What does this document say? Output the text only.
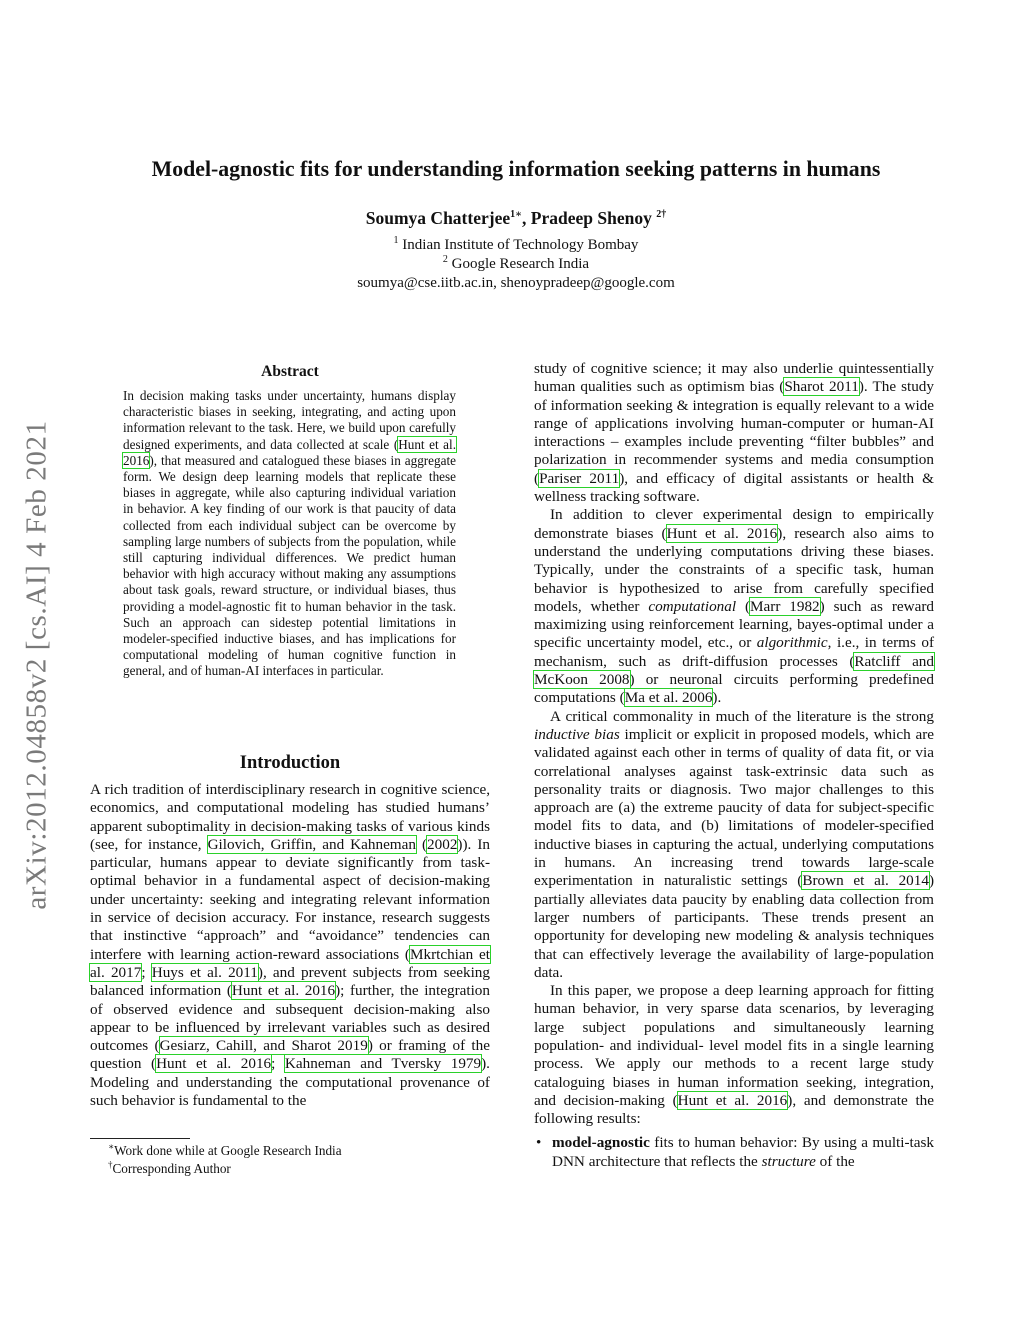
arXiv:2012.04858v2 [cs.AI] 4 Feb 2021
Model-agnostic fits for understanding information seeking patterns in humans
Soumya Chatterjee$^{1∗}$, Pradeep Shenoy $^{2\dagger}$
$^1$ Indian Institute of Technology Bombay
$^2$ Google Research India
soumya@cse.iitb.ac.in, shenoypradeep@google.com
Abstract
In decision making tasks under uncertainty, humans display characteristic biases in seeking, integrating, and acting upon information relevant to the task. Here, we build upon carefully designed experiments, and data collected at scale (Hunt et al. 2016), that measured and catalogued these biases in aggregate form. We design deep learning models that replicate these biases in aggregate, while also capturing individual variation in behavior. A key finding of our work is that paucity of data collected from each individual subject can be overcome by sampling large numbers of subjects from the population, while still capturing individual differences. We predict human behavior with high accuracy without making any assumptions about task goals, reward structure, or individual biases, thus providing a model-agnostic fit to human behavior in the task. Such an approach can sidestep potential limitations in modeler-specified inductive biases, and has implications for computational modeling of human cognitive function in general, and of human-AI interfaces in particular.
Introduction

A rich tradition of interdisciplinary research in cognitive science, economics, and computational modeling has studied humans’ apparent suboptimality in decision-making tasks of various kinds (see, for instance, Gilovich, Griffin, and Kahneman (2002)). In particular, humans appear to deviate significantly from task-optimal behavior in a fundamental aspect of decision-making under uncertainty: seeking and integrating relevant information in service of decision accuracy. For instance, research suggests that instinctive “approach” and “avoidance” tendencies can interfere with learning action-reward associations (Mkrtchian et al. 2017; Huys et al. 2011), and prevent subjects from seeking balanced information (Hunt et al. 2016); further, the integration of observed evidence and subsequent decision-making also appear to be influenced by irrelevant variables such as desired outcomes (Gesiarz, Cahill, and Sharot 2019) or framing of the question (Hunt et al. 2016; Kahneman and Tversky 1979). Modeling and understanding the computational provenance of such behavior is fundamental to the

∗Work done while at Google Research India
†Corresponding Author

study of cognitive science; it may also underlie quintessentially human qualities such as optimism bias (Sharot 2011). The study of information seeking & integration is equally relevant to a wide range of applications involving human-computer or human-AI interactions – examples include preventing “filter bubbles” and polarization in recommender systems and media consumption (Pariser 2011), and efficacy of digital assistants or health & wellness tracking software.

In addition to clever experimental design to empirically demonstrate biases (Hunt et al. 2016), research also aims to understand the underlying computations driving these biases. Typically, under the constraints of a specific task, human behavior is hypothesized to arise from carefully specified models, whether computational (Marr 1982) such as reward maximizing using reinforcement learning, bayes-optimal under a specific uncertainty model, etc., or algorithmic, i.e., in terms of mechanism, such as drift-diffusion processes (Ratcliff and McKoon 2008) or neuronal circuits performing predefined computations (Ma et al. 2006).

A critical commonality in much of the literature is the strong inductive bias implicit or explicit in proposed models, which are validated against each other in terms of quality of data fit, or via correlational analyses against task-extrinsic data such as personality traits or diagnosis. Two major challenges to this approach are (a) the extreme paucity of data for subject-specific model fits to data, and (b) limitations of modeler-specified inductive biases in capturing the actual, underlying computations in humans. An increasing trend towards large-scale experimentation in naturalistic settings (Brown et al. 2014) partially alleviates data paucity by enabling data collection from larger numbers of participants. These trends present an opportunity for developing new modeling & analysis techniques that can effectively leverage the availability of large-population data.

In this paper, we propose a deep learning approach for fitting human behavior, in very sparse data scenarios, by leveraging large subject populations and simultaneously learning population- and individual- level model fits in a single learning process. We apply our methods to a recent large study cataloguing biases in human information seeking, integration, and decision-making (Hunt et al. 2016), and demonstrate the following results:

• model-agnostic fits to human behavior: By using a multi-task DNN architecture that reflects the structure of the
